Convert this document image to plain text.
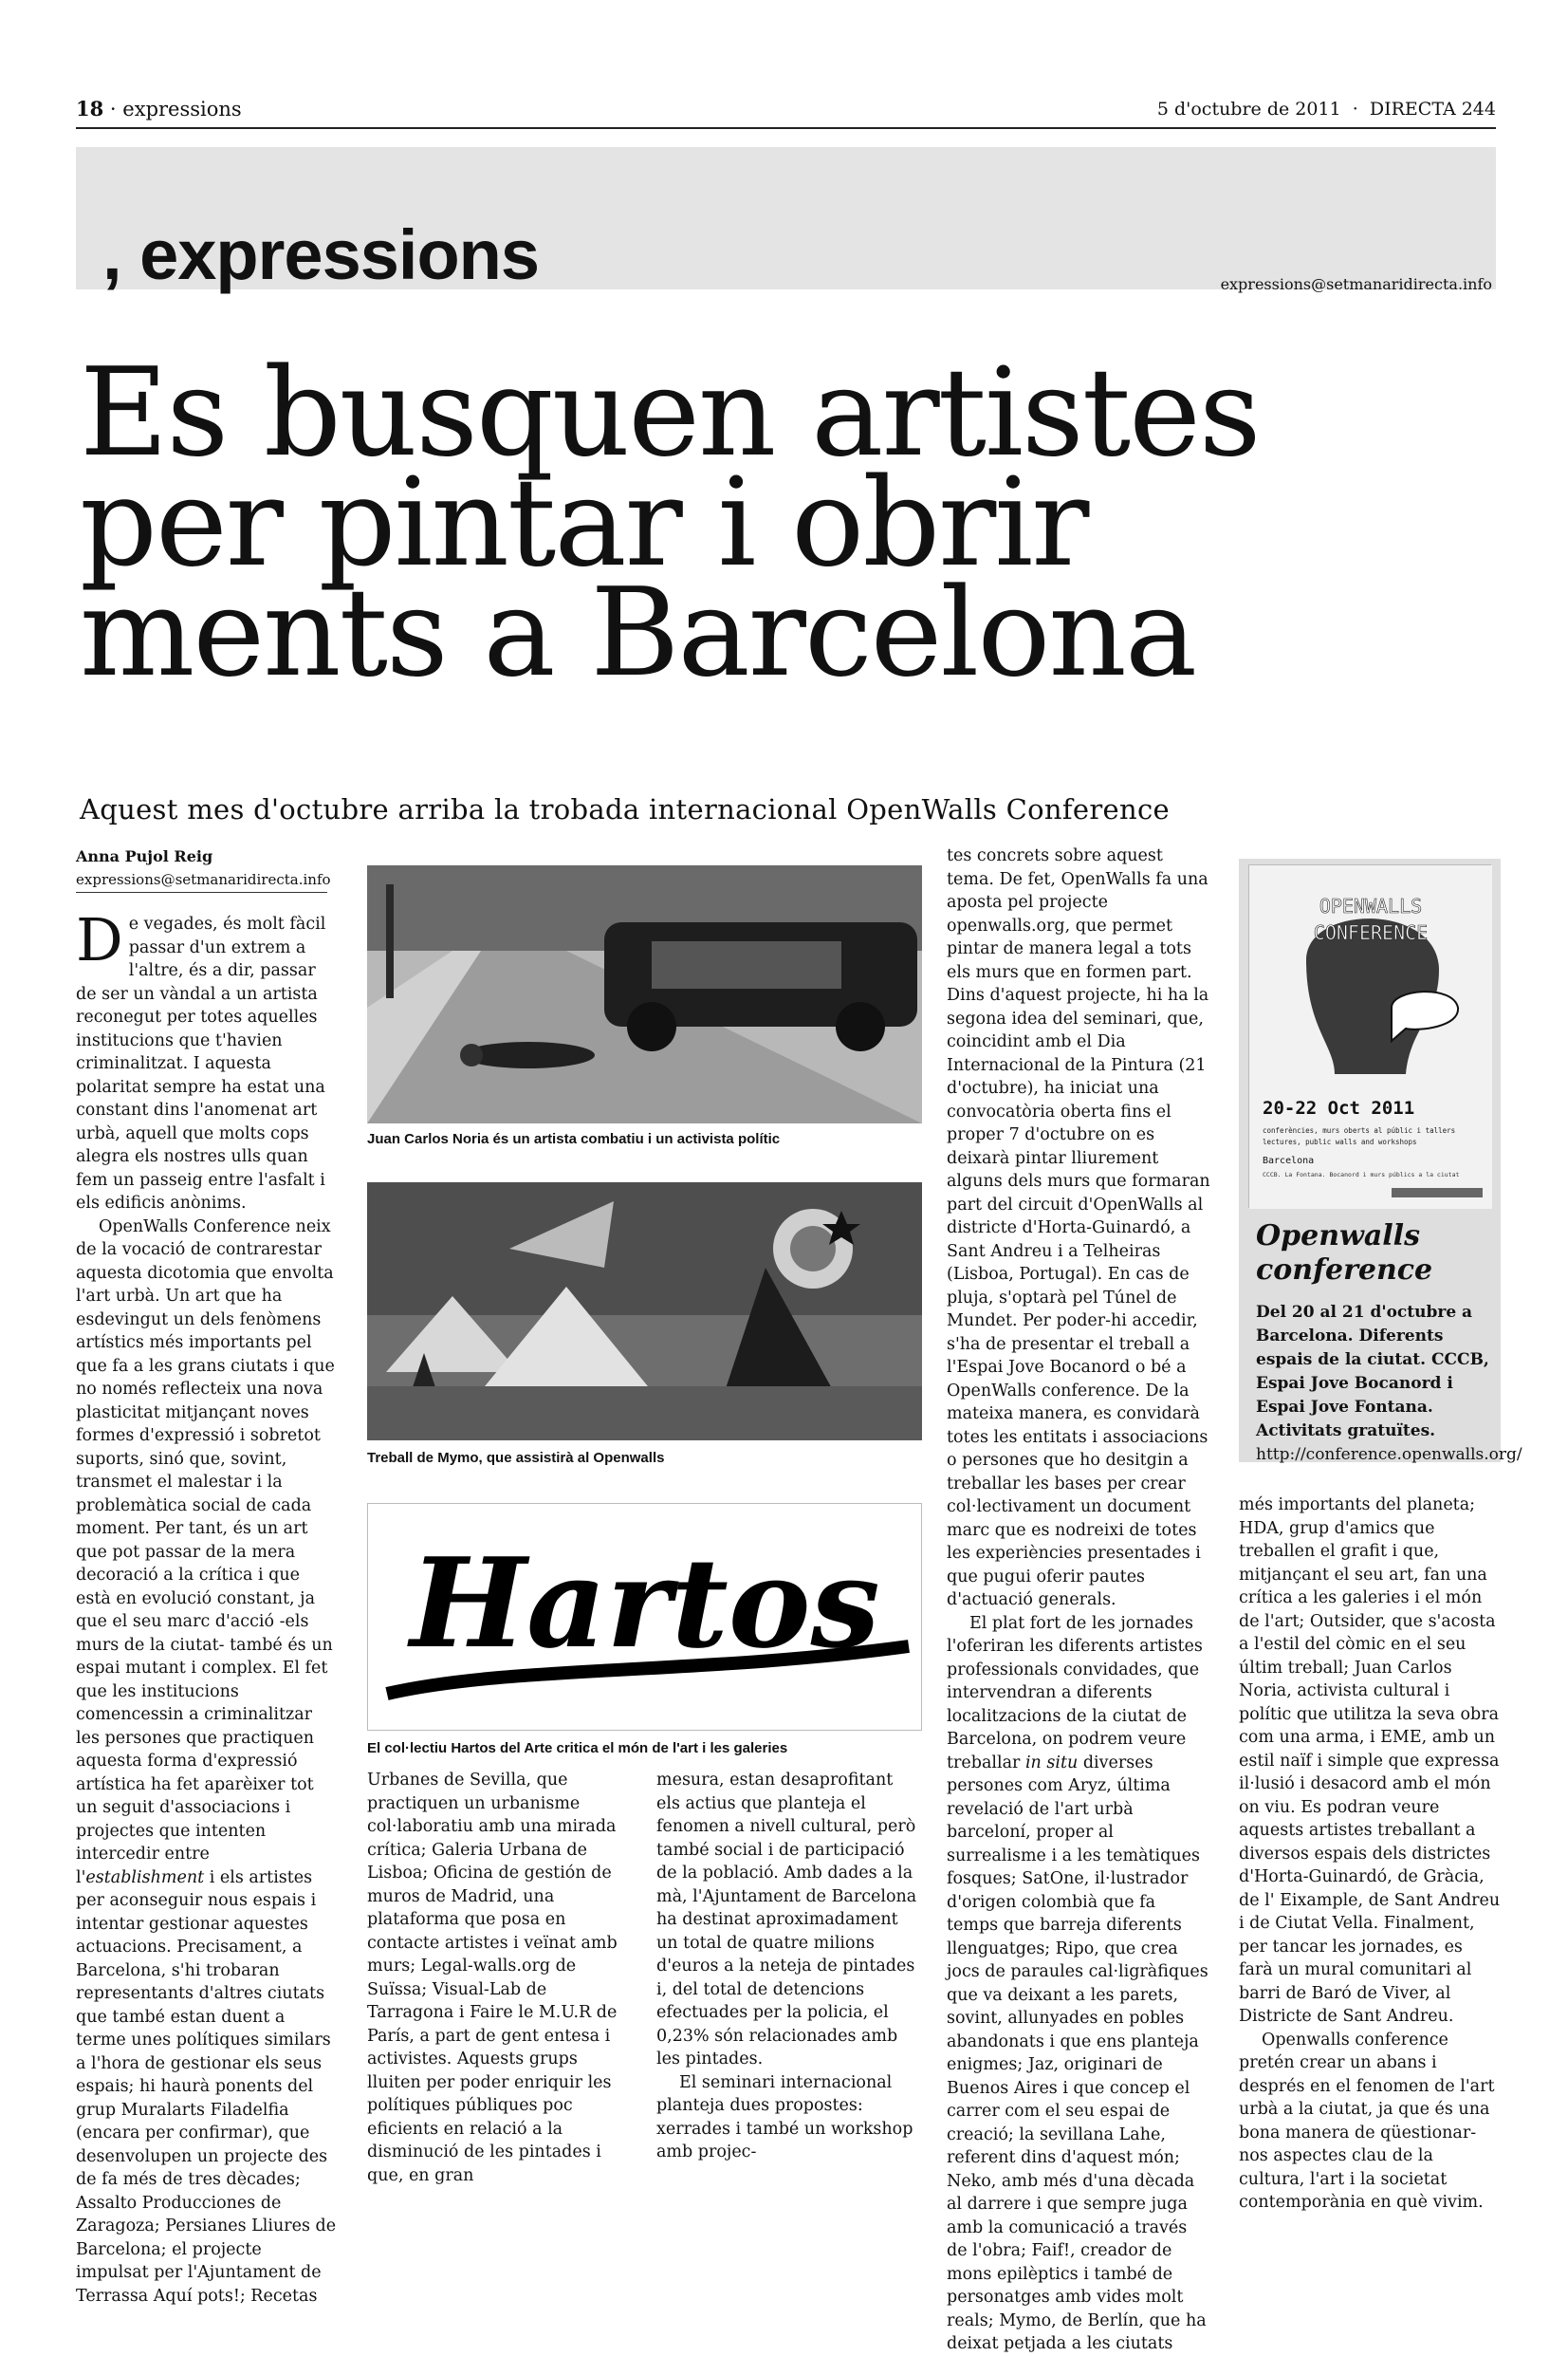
18 · expressions	5 d'octubre de 2011 · DIRECTA 244
, expressions	expressions@setmanaridirecta.info
Es busquen artistes
per pintar i obrir
ments a Barcelona
Aquest mes d'octubre arriba la trobada internacional OpenWalls Conference
Anna Pujol Reig
expressions@setmanaridirecta.info

De vegades, és molt fàcil passar d'un extrem a l'altre, és a dir, passar de ser un vàndal a un artista reconegut per totes aquelles institucions que t'havien criminalitzat. I aquesta polaritat sempre ha estat una constant dins l'anomenat art urbà, aquell que molts cops alegra els nostres ulls quan fem un passeig entre l'asfalt i els edificis anònims.

OpenWalls Conference neix de la vocació de contrarestar aquesta dicotomia que envolta l'art urbà. Un art que ha esdevingut un dels fenòmens artístics més importants pel que fa a les grans ciutats i que no només reflecteix una nova plasticitat mitjançant noves formes d'expressió i sobretot suports, sinó que, sovint, transmet el malestar i la problemàtica social de cada moment. Per tant, és un art que pot passar de la mera decoració a la crítica i que està en evolució constant, ja que el seu marc d'acció -els murs de la ciutat- també és un espai mutant i complex. El fet que les institucions comencessin a criminalitzar les persones que practiquen aquesta forma d'expressió artística ha fet aparèixer tot un seguit d'associacions i projectes que intenten intercedir entre l'establishment i els artistes per aconseguir nous espais i intentar gestionar aquestes actuacions. Precisament, a Barcelona, s'hi trobaran representants d'altres ciutats que també estan duent a terme unes polítiques similars a l'hora de gestionar els seus espais; hi haurà ponents del grup Muralarts Filadelfia (encara per confirmar), que desenvolupen un projecte des de fa més de tres dècades; Assalto Producciones de Zaragoza; Persianes Lliures de Barcelona; el projecte impulsat per l'Ajuntament de Terrassa Aquí pots!; Recetas

Juan Carlos Noria és un artista combatiu i un activista polític
Treball de Mymo, que assistirà al Openwalls
Hartos
El col·lectiu Hartos del Arte critica el món de l'art i les galeries

Urbanes de Sevilla, que practiquen un urbanisme col·laboratiu amb una mirada crítica; Galeria Urbana de Lisboa; Oficina de gestión de muros de Madrid, una plataforma que posa en contacte artistes i veïnat amb murs; Legal-walls.org de Suïssa; Visual-Lab de Tarragona i Faire le M.U.R de París, a part de gent entesa i activistes. Aquests grups lluiten per poder enriquir les polítiques públiques poc eficients en relació a la disminució de les pintades i que, en gran

mesura, estan desaprofitant els actius que planteja el fenomen a nivell cultural, però també social i de participació de la població. Amb dades a la mà, l'Ajuntament de Barcelona ha destinat aproximadament un total de quatre milions d'euros a la neteja de pintades i, del total de detencions efectuades per la policia, el 0,23% són relacionades amb les pintades.

El seminari internacional planteja dues propostes: xerrades i també un workshop amb projec-

tes concrets sobre aquest tema. De fet, OpenWalls fa una aposta pel projecte openwalls.org, que permet pintar de manera legal a tots els murs que en formen part. Dins d'aquest projecte, hi ha la segona idea del seminari, que, coincidint amb el Dia Internacional de la Pintura (21 d'octubre), ha iniciat una convocatòria oberta fins el proper 7 d'octubre on es deixarà pintar lliurement alguns dels murs que formaran part del circuit d'OpenWalls al districte d'Horta-Guinardó, a Sant Andreu i a Telheiras (Lisboa, Portugal). En cas de pluja, s'optarà pel Túnel de Mundet. Per poder-hi accedir, s'ha de presentar el treball a l'Espai Jove Bocanord o bé a OpenWalls conference. De la mateixa manera, es convidarà totes les entitats i associacions o persones que ho desitgin a treballar les bases per crear col·lectivament un document marc que es nodreixi de totes les experiències presentades i que pugui oferir pautes d'actuació generals.

El plat fort de les jornades l'oferiran les diferents artistes professionals convidades, que intervendran a diferents localitzacions de la ciutat de Barcelona, on podrem veure treballar in situ diverses persones com Aryz, última revelació de l'art urbà barceloní, proper al surrealisme i a les temàtiques fosques; SatOne, il·lustrador d'origen colombià que fa temps que barreja diferents llenguatges; Ripo, que crea jocs de paraules cal·ligràfiques que va deixant a les parets, sovint, allunyades en pobles abandonats i que ens planteja enigmes; Jaz, originari de Buenos Aires i que concep el carrer com el seu espai de creació; la sevillana Lahe, referent dins d'aquest món; Neko, amb més d'una dècada al darrere i que sempre juga amb la comunicació a través de l'obra; Faif!, creador de mons epilèptics i també de personatges amb vides molt reals; Mymo, de Berlín, que ha deixat petjada a les ciutats

OPENWALLS
CONFERENCE
20-22 Oct 2011
conferències, murs oberts al públic i tallers
lectures, public walls and workshops
Barcelona
CCCB. La Fontana. Bocanord i murs públics a la ciutat
Openwalls conference
Del 20 al 21 d'octubre a Barcelona. Diferents espais de la ciutat. CCCB, Espai Jove Bocanord i Espai Jove Fontana. Activitats gratuïtes.
http://conference.openwalls.org/

més importants del planeta; HDA, grup d'amics que treballen el grafit i que, mitjançant el seu art, fan una crítica a les galeries i el món de l'art; Outsider, que s'acosta a l'estil del còmic en el seu últim treball; Juan Carlos Noria, activista cultural i polític que utilitza la seva obra com una arma, i EME, amb un estil naïf i simple que expressa il·lusió i desacord amb el món on viu. Es podran veure aquests artistes treballant a diversos espais dels districtes d'Horta-Guinardó, de Gràcia, de l' Eixample, de Sant Andreu i de Ciutat Vella. Finalment, per tancar les jornades, es farà un mural comunitari al barri de Baró de Viver, al Districte de Sant Andreu.

Openwalls conference pretén crear un abans i després en el fenomen de l'art urbà a la ciutat, ja que és una bona manera de qüestionar-nos aspectes clau de la cultura, l'art i la societat contemporània en què vivim.
